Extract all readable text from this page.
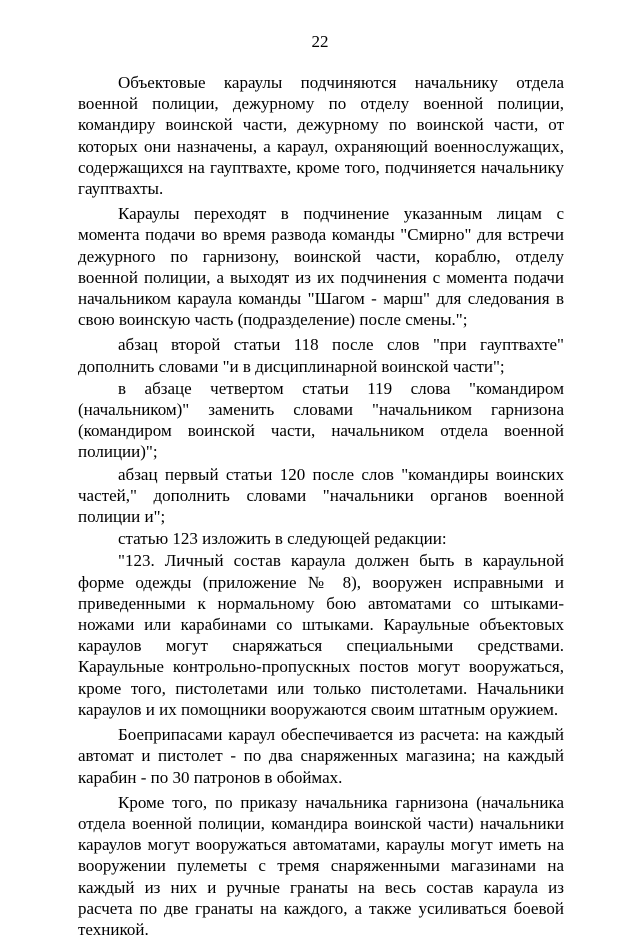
22

Объектовые караулы подчиняются начальнику отдела военной полиции, дежурному по отделу военной полиции, командиру воинской части, дежурному по воинской части, от которых они назначены, а караул, охраняющий военнослужащих, содержащихся на гауптвахте, кроме того, подчиняется начальнику гауптвахты.

Караулы переходят в подчинение указанным лицам с момента подачи во время развода команды "Смирно" для встречи дежурного по гарнизону, воинской части, кораблю, отделу военной полиции, а выходят из их подчинения с момента подачи начальником караула команды "Шагом - марш" для следования в свою воинскую часть (подразделение) после смены.";

абзац второй статьи 118 после слов "при гауптвахте" дополнить словами "и в дисциплинарной воинской части";

в абзаце четвертом статьи 119 слова "командиром (начальником)" заменить словами "начальником гарнизона (командиром воинской части, начальником отдела военной полиции)";

абзац первый статьи 120 после слов "командиры воинских частей," дополнить словами "начальники органов военной полиции и";

статью 123 изложить в следующей редакции:

"123. Личный состав караула должен быть в караульной форме одежды (приложение № 8), вооружен исправными и приведенными к нормальному бою автоматами со штыками-ножами или карабинами со штыками. Караульные объектовых караулов могут снаряжаться специальными средствами. Караульные контрольно-пропускных постов могут вооружаться, кроме того, пистолетами или только пистолетами. Начальники караулов и их помощники вооружаются своим штатным оружием.

Боеприпасами караул обеспечивается из расчета: на каждый автомат и пистолет - по два снаряженных магазина; на каждый карабин - по 30 патронов в обоймах.

Кроме того, по приказу начальника гарнизона (начальника отдела военной полиции, командира воинской части) начальники караулов могут вооружаться автоматами, караулы могут иметь на вооружении пулеметы с тремя снаряженными магазинами на каждый из них и ручные гранаты на весь состав караула из расчета по две гранаты на каждого, а также усиливаться боевой техникой.
